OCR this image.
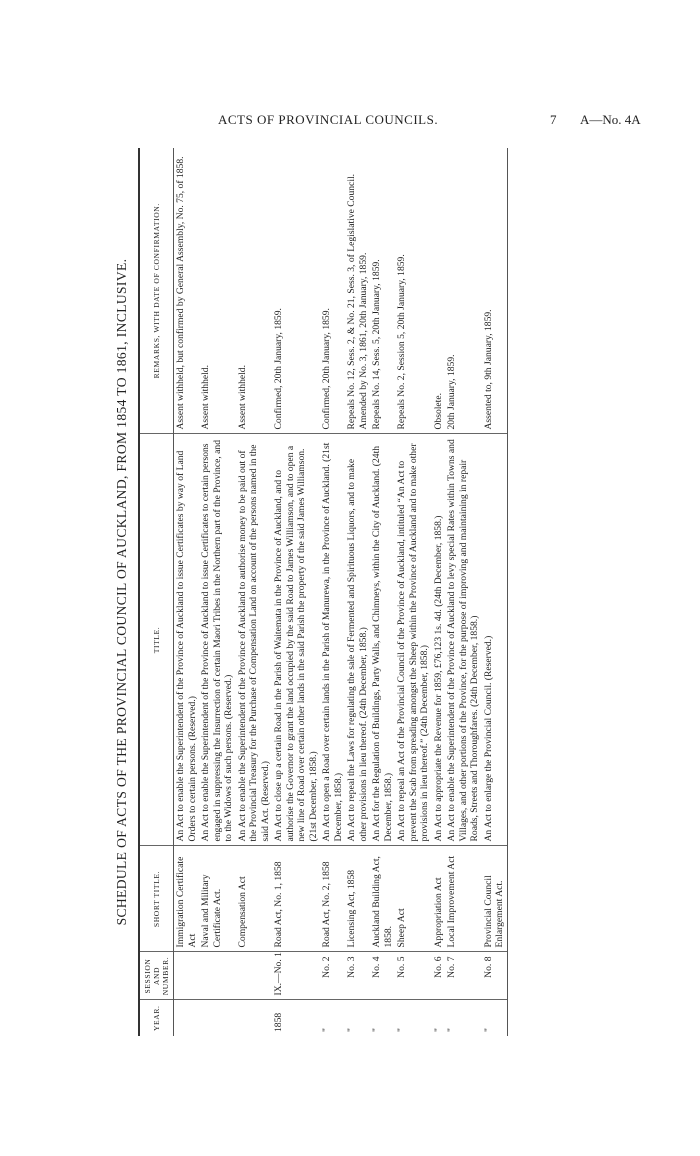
ACTS OF PROVINCIAL COUNCILS.	7 A—No. 4A
SCHEDULE OF ACTS OF THE PROVINCIAL COUNCIL OF AUCKLAND, FROM 1854 TO 1861, INCLUSIVE.
YEAR.	SESSION AND NUMBER.	SHORT TITLE.	TITLE.	REMARKS, WITH DATE OF CONFIRMATION.
		Immigration Certificate Act	An Act to enable the Superintendent of the Province of Auckland to issue Certificates by way of Land Orders to certain persons. (Reserved.)	Assent withheld, but confirmed by General Assembly, No. 75, of 1858.
		Naval and Military Certificate Act.	An Act to enable the Superintendent of the Province of Auckland to issue Certificates to certain persons engaged in suppressing the Insurrection of certain Maori Tribes in the Northern part of the Province, and to the Widows of such persons. (Reserved.)	Assent withheld.
		Compensation Act	An Act to enable the Superintendent of the Province of Auckland to authorise money to be paid out of the Provincial Treasury for the Purchase of Compensation Land on account of the persons named in the said Act. (Reserved.)	Assent withheld.
1858	IX.—No. 1	Road Act, No. 1, 1858	An Act to close up a certain Road in the Parish of Waitemata in the Province of Auckland, and to authorise the Governor to grant the land occupied by the said Road to James Williamson, and to open a new line of Road over certain other lands in the said Parish the property of the said James Williamson. (21st December, 1858.)	Confirmed, 20th January, 1859.
"	No. 2	Road Act, No. 2, 1858	An Act to open a Road over certain lands in the Parish of Manurewa, in the Province of Auckland. (21st December, 1858.)	Confirmed, 20th January, 1859.
"	No. 3	Licensing Act, 1858	An Act to repeal the Laws for regulating the sale of Fermented and Spirituous Liquors, and to make other provisions in lieu thereof. (24th December, 1858.)	Repeals No. 12, Sess. 2, & No. 21, Sess. 3, of Legislative Council. Amended by No. 3, 1861, 20th January, 1859.
"	No. 4	Auckland Building Act, 1858.	An Act for the Regulation of Buildings, Party Walls, and Chimneys, within the City of Auckland. (24th December, 1858.)	Repeals No. 14, Sess. 5, 20th January, 1859.
"	No. 5	Sheep Act	An Act to repeal an Act of the Provincial Council of the Province of Auckland, intituled “An Act to prevent the Scab from spreading amongst the Sheep within the Province of Auckland and to make other provisions in lieu thereof.” (24th December, 1858.)	Repeals No. 2, Session 5, 20th January, 1859.
"	No. 6	Appropriation Act	An Act to appropriate the Revenue for 1859, £76,123 1s. 4d. (24th December, 1858.)	Obsolete.
"	No. 7	Local Improvement Act	An Act to enable the Superintendent of the Province of Auckland to levy special Rates within Towns and Villages, and other portions of the Province, for the purpose of improving and maintaining in repair Roads, Streets and Thoroughfares. (24th December, 1858.)	20th January, 1859.
"	No. 8	Provincial Council Enlargement Act.	An Act to enlarge the Provincial Council. (Reserved.)	Assented to, 9th January, 1859.
